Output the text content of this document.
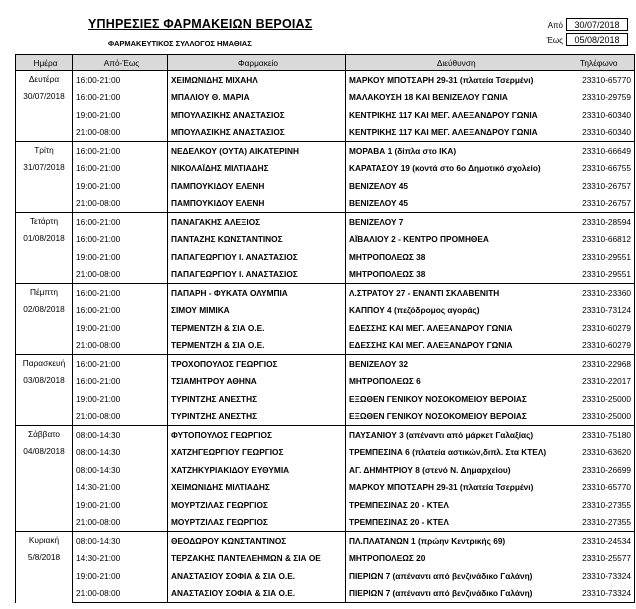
ΥΠΗΡΕΣΙΕΣ ΦΑΡΜΑΚΕΙΩΝ ΒΕΡΟΙΑΣ
ΦΑΡΜΑΚΕΥΤΙΚΟΣ ΣΥΛΛΟΓΟΣ ΗΜΑΘΙΑΣ
Από	30/07/2018
Έως	05/08/2018
Ημέρα	Από-Έως	Φαρμακείο	Διεύθυνση	Τηλέφωνο

Δευτέρα
30/07/2018	16:00-21:00	ΧΕΙΜΩΝΙΔΗΣ ΜΙΧΑΗΛ	ΜΑΡΚΟΥ ΜΠΟΤΣΑΡΗ 29-31 (πλατεία Τσερμένι)	23310-65770
	16:00-21:00	ΜΠΑΛΙΟΥ Θ. ΜΑΡΙΑ	ΜΑΛΑΚΟΥΣΗ 18 ΚΑΙ ΒΕΝΙΖΕΛΟΥ ΓΩΝΙΑ	23310-29759
	19:00-21:00	ΜΠΟΥΛΑΣΙΚΗΣ ΑΝΑΣΤΑΣΙΟΣ	ΚΕΝΤΡΙΚΗΣ 117 ΚΑΙ ΜΕΓ. ΑΛΕΞΑΝΔΡΟΥ ΓΩΝΙΑ	23310-60340
	21:00-08:00	ΜΠΟΥΛΑΣΙΚΗΣ ΑΝΑΣΤΑΣΙΟΣ	ΚΕΝΤΡΙΚΗΣ 117 ΚΑΙ ΜΕΓ. ΑΛΕΞΑΝΔΡΟΥ ΓΩΝΙΑ	23310-60340

Τρίτη
31/07/2018	16:00-21:00	ΝΕΔΕΛΚΟΥ (ΟΥΤΑ) ΑΙΚΑΤΕΡΙΝΗ	ΜΟΡΑΒΑ 1 (δίπλα στο ΙΚΑ)	23310-66649
	16:00-21:00	ΝΙΚΟΛΑΪΔΗΣ ΜΙΛΤΙΑΔΗΣ	ΚΑΡΑΤΑΣΟΥ 19 (κοντά στο 6ο Δημοτικό σχολείο)	23310-66755
	19:00-21:00	ΠΑΜΠΟΥΚΙΔΟΥ ΕΛΕΝΗ	ΒΕΝΙΖΕΛΟΥ 45	23310-26757
	21:00-08:00	ΠΑΜΠΟΥΚΙΔΟΥ ΕΛΕΝΗ	ΒΕΝΙΖΕΛΟΥ 45	23310-26757

Τετάρτη
01/08/2018	16:00-21:00	ΠΑΝΑΓΑΚΗΣ ΑΛΕΞΙΟΣ	ΒΕΝΙΖΕΛΟΥ 7	23310-28594
	16:00-21:00	ΠΑΝΤΑΖΗΣ ΚΩΝΣΤΑΝΤΙΝΟΣ	ΑΪΒΑΛΙΟΥ 2 - ΚΕΝΤΡΟ ΠΡΟΜΗΘΕΑ	23310-66812
	19:00-21:00	ΠΑΠΑΓΕΩΡΓΙΟΥ Ι. ΑΝΑΣΤΑΣΙΟΣ	ΜΗΤΡΟΠΟΛΕΩΣ 38	23310-29551
	21:00-08:00	ΠΑΠΑΓΕΩΡΓΙΟΥ Ι. ΑΝΑΣΤΑΣΙΟΣ	ΜΗΤΡΟΠΟΛΕΩΣ 38	23310-29551

Πέμπτη
02/08/2018	16:00-21:00	ΠΑΠΑΡΗ - ΦΥΚΑΤΑ ΟΛΥΜΠΙΑ	Λ.ΣΤΡΑΤΟΥ 27 - ΕΝΑΝΤΙ ΣΚΛΑΒΕΝΙΤΗ	23310-23360
	16:00-21:00	ΣΙΜΟΥ ΜΙΜΙΚΑ	ΚΑΠΠΟΥ 4 (πεζόδρομος αγοράς)	23310-73124
	19:00-21:00	ΤΕΡΜΕΝΤΖΗ & ΣΙΑ Ο.Ε.	ΕΔΕΣΣΗΣ ΚΑΙ ΜΕΓ. ΑΛΕΞΑΝΔΡΟΥ ΓΩΝΙΑ	23310-60279
	21:00-08:00	ΤΕΡΜΕΝΤΖΗ & ΣΙΑ Ο.Ε.	ΕΔΕΣΣΗΣ ΚΑΙ ΜΕΓ. ΑΛΕΞΑΝΔΡΟΥ ΓΩΝΙΑ	23310-60279

Παρασκευή
03/08/2018	16:00-21:00	ΤΡΟΧΟΠΟΥΛΟΣ ΓΕΩΡΓΙΟΣ	ΒΕΝΙΖΕΛΟΥ 32	23310-22968
	16:00-21:00	ΤΣΙΑΜΗΤΡΟΥ ΑΘΗΝΑ	ΜΗΤΡΟΠΟΛΕΩΣ 6	23310-22017
	19:00-21:00	ΤΥΡΙΝΤΖΗΣ ΑΝΕΣΤΗΣ	ΕΞΩΘΕΝ ΓΕΝΙΚΟΥ ΝΟΣΟΚΟΜΕΙΟΥ ΒΕΡΟΙΑΣ	23310-25000
	21:00-08:00	ΤΥΡΙΝΤΖΗΣ ΑΝΕΣΤΗΣ	ΕΞΩΘΕΝ ΓΕΝΙΚΟΥ ΝΟΣΟΚΟΜΕΙΟΥ ΒΕΡΟΙΑΣ	23310-25000

Σάββατο
04/08/2018	08:00-14:30	ΦΥΤΟΠΟΥΛΟΣ ΓΕΩΡΓΙΟΣ	ΠΑΥΣΑΝΙΟΥ 3 (απέναντι από μάρκετ Γαλαξίας)	23310-75180
	08:00-14:30	ΧΑΤΖΗΓΕΩΡΓΙΟΥ ΓΕΩΡΓΙΟΣ	ΤΡΕΜΠΕΣΙΝΑ 6 (πλατεία αστικών,διπλ. Στα ΚΤΕΛ)	23310-63620
	08:00-14:30	ΧΑΤΖΗΚΥΡΙΑΚΙΔΟΥ ΕΥΘΥΜΙΑ	ΑΓ. ΔΗΜΗΤΡΙΟΥ 8 (στενό Ν. Δημαρχείου)	23310-26699
	14:30-21:00	ΧΕΙΜΩΝΙΔΗΣ ΜΙΛΤΙΑΔΗΣ	ΜΑΡΚΟΥ ΜΠΟΤΣΑΡΗ 29-31 (πλατεία Τσερμένι)	23310-65770
	19:00-21:00	ΜΟΥΡΤΖΙΛΑΣ ΓΕΩΡΓΙΟΣ	ΤΡΕΜΠΕΣΙΝΑΣ 20 - ΚΤΕΛ	23310-27355
	21:00-08:00	ΜΟΥΡΤΖΙΛΑΣ ΓΕΩΡΓΙΟΣ	ΤΡΕΜΠΕΣΙΝΑΣ 20 - ΚΤΕΛ	23310-27355

Κυριακή
5/8/2018	08:00-14:30	ΘΕΟΔΩΡΟΥ ΚΩΝΣΤΑΝΤΙΝΟΣ	ΠΛ.ΠΛΑΤΑΝΩΝ 1 (πρώην Κεντρικής 69)	23310-24534
	14:30-21:00	ΤΕΡΖΑΚΗΣ ΠΑΝΤΕΛΕΗΜΩΝ & ΣΙΑ ΟΕ	ΜΗΤΡΟΠΟΛΕΩΣ 20	23310-25577
	19:00-21:00	ΑΝΑΣΤΑΣΙΟΥ ΣΟΦΙΑ & ΣΙΑ Ο.Ε.	ΠΙΕΡΙΩΝ 7 (απέναντι από βενζινάδικο Γαλάνη)	23310-73324
	21:00-08:00	ΑΝΑΣΤΑΣΙΟΥ ΣΟΦΙΑ & ΣΙΑ Ο.Ε.	ΠΙΕΡΙΩΝ 7 (απέναντι από βενζινάδικο Γαλάνη)	23310-73324
